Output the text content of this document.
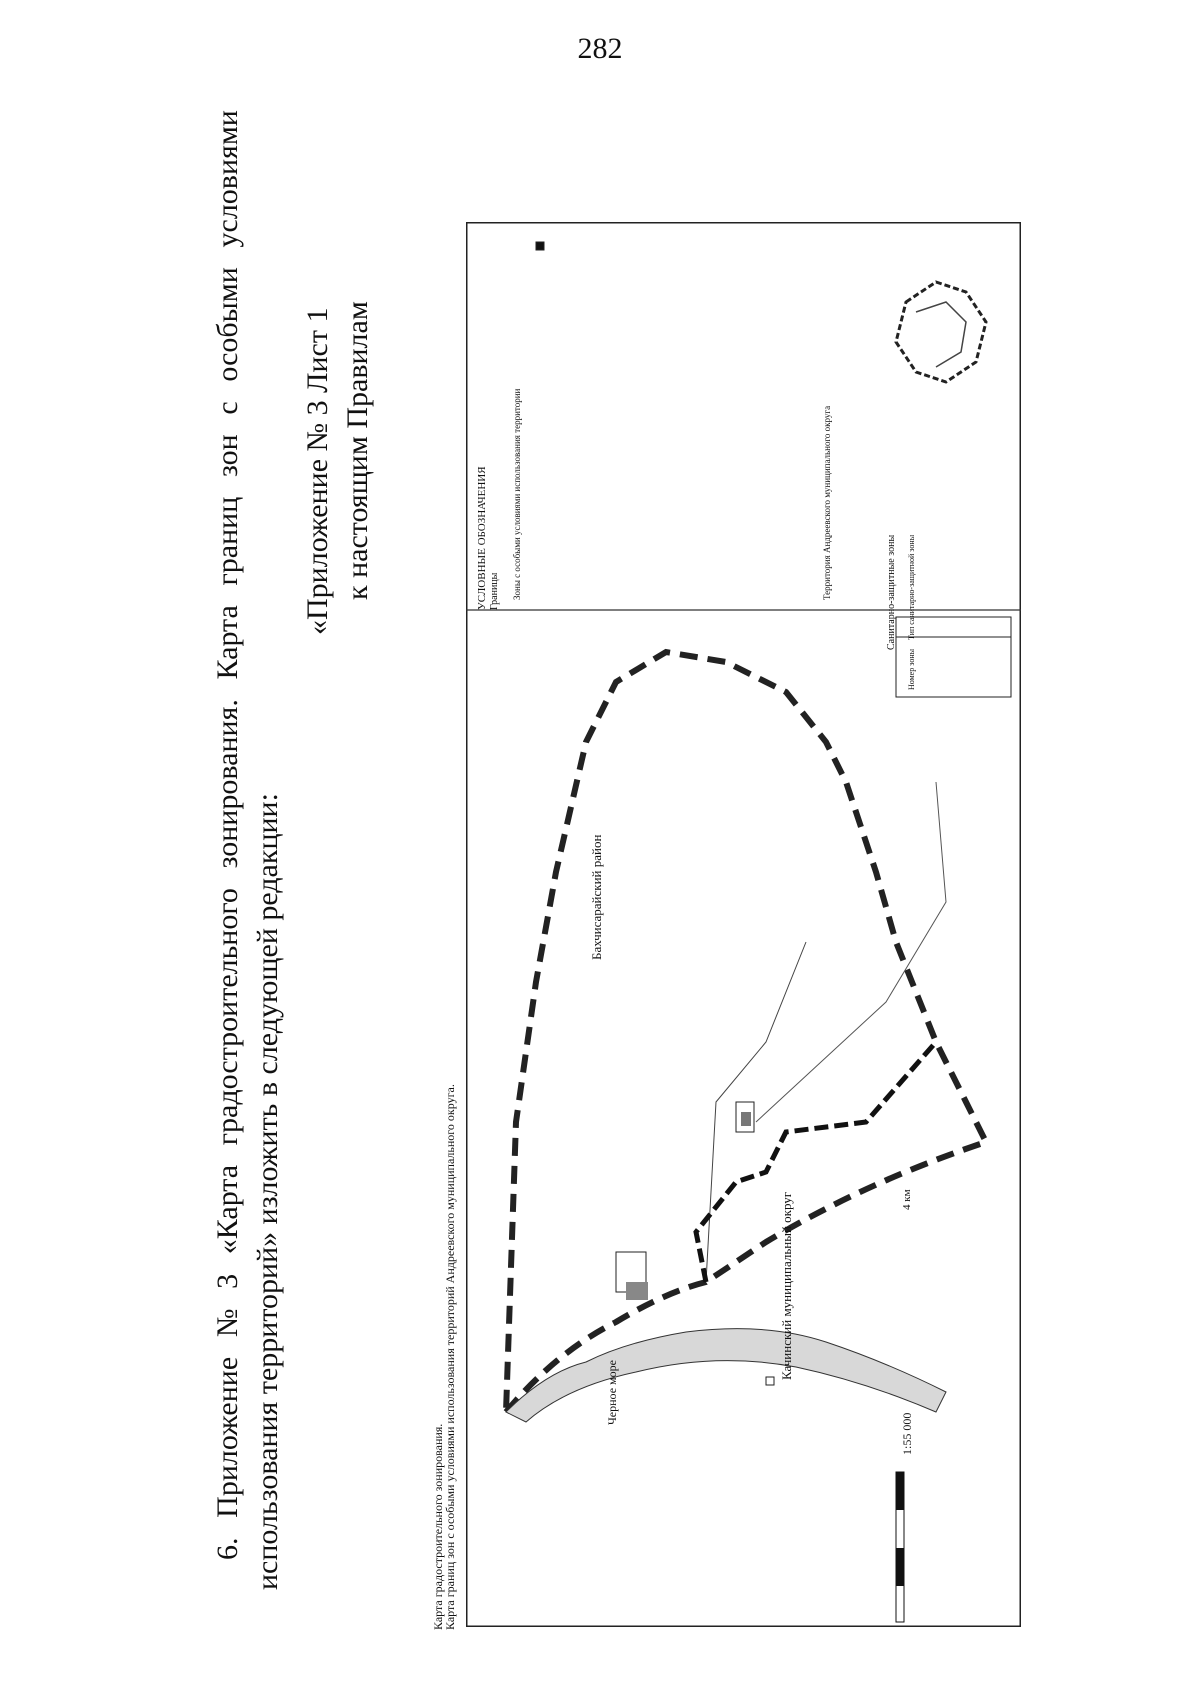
282
6.
Приложение
№
3
«Карта
градостроительного
зонирования.
Карта
границ
зон
с
особыми
условиями
использования территорий» изложить в следующей редакции:
«Приложение № 3 Лист 1 к настоящим Правилам
Карта градостроительного зонирования.
Карта границ зон с особыми условиями использования территорий Андреевского муниципального округа.
Бахчисарайский район
Качинский муниципальный округ
Черное море
1:55 000
4 км
УСЛОВНЫЕ ОБОЗНАЧЕНИЯ Границы Зоны с особыми условиями использования территории	Территория Андреевского муниципального округа	Санитарно-защитные зоны
Номер зоны
Тип санитарно-защитной зоны
